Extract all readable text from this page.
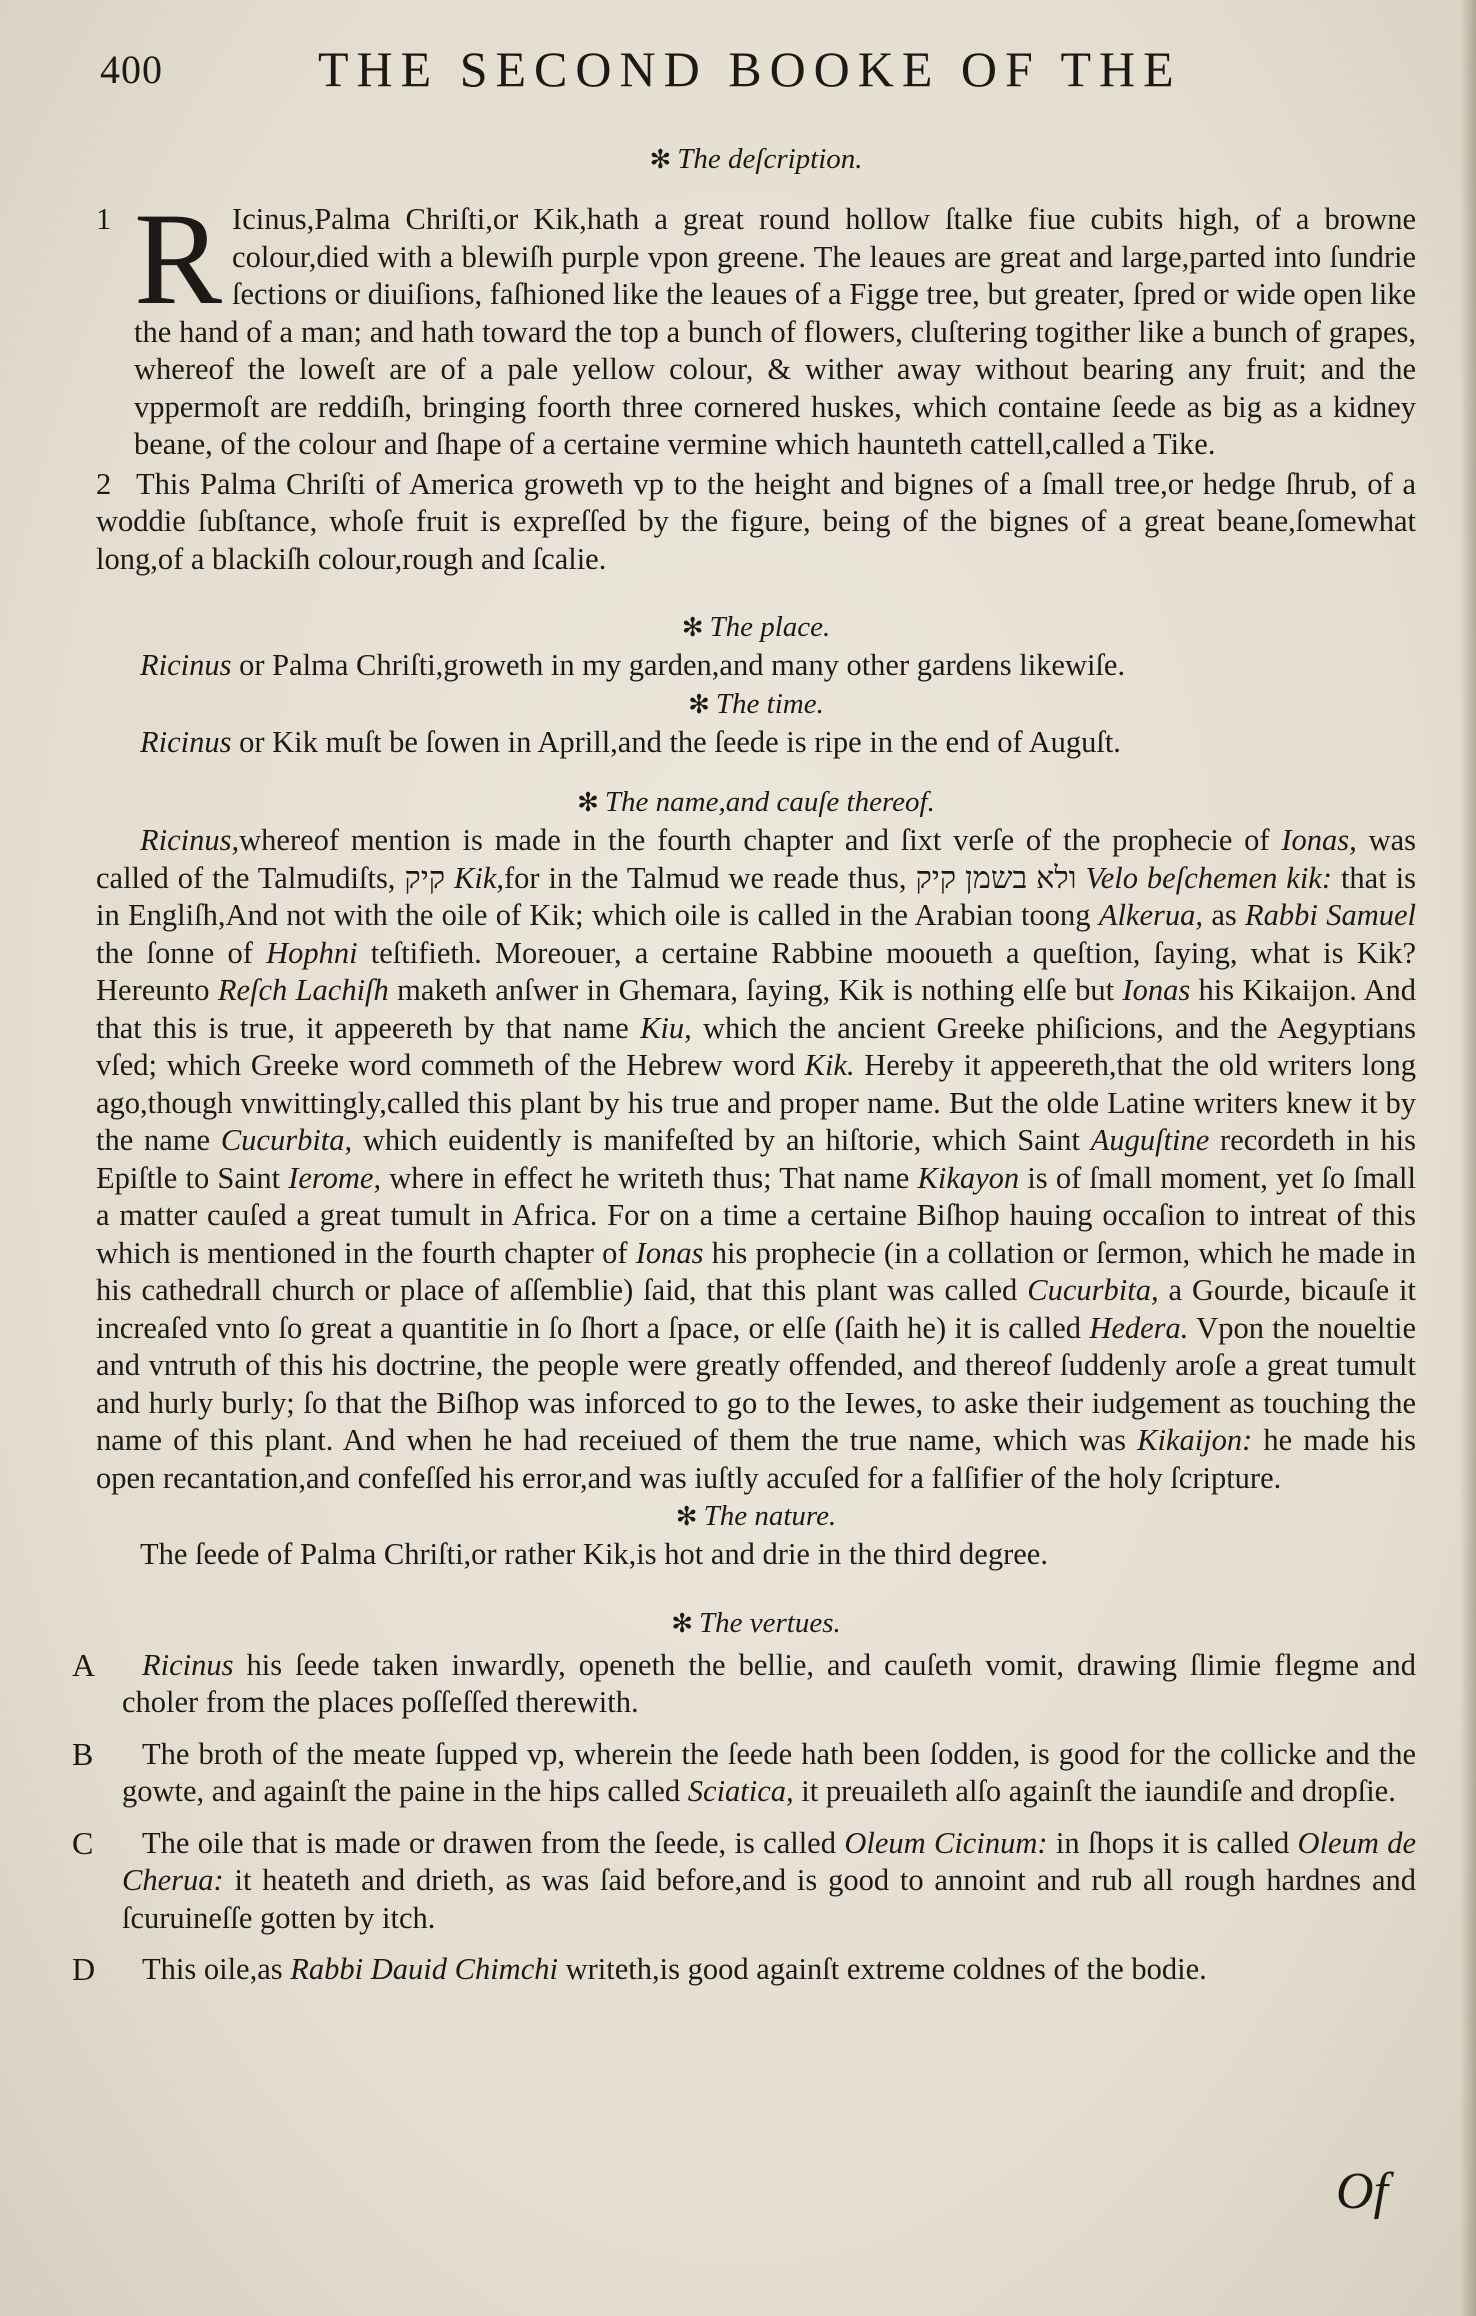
400	THE SECOND BOOKE OF THE

✻ The deſcription.

1 R Icinus,Palma Chriſti,or Kik,hath a great round hollow ſtalke fiue cubits high, of a browne colour,died with a blewiſh purple vpon greene. The leaues are great and large,parted into ſundrie ſections or diuiſions, faſhioned like the leaues of a Figge tree, but greater, ſpred or wide open like the hand of a man; and hath toward the top a bunch of flowers, cluſtering togither like a bunch of grapes, whereof the loweſt are of a pale yellow colour, & wither away without bearing any fruit; and the vppermoſt are reddiſh, bringing foorth three cornered huskes, which containe ſeede as big as a kidney beane, of the colour and ſhape of a certaine vermine which haunteth cattell,called a Tike.

2 This Palma Chriſti of America groweth vp to the height and bignes of a ſmall tree,or hedge ſhrub, of a woddie ſubſtance, whoſe fruit is expreſſed by the figure, being of the bignes of a great beane,ſomewhat long,of a blackiſh colour,rough and ſcalie.

✻ The place.

Ricinus or Palma Chriſti,groweth in my garden,and many other gardens likewiſe.

✻ The time.

Ricinus or Kik muſt be ſowen in Aprill,and the ſeede is ripe in the end of Auguſt.

✻ The name,and cauſe thereof.

Ricinus,whereof mention is made in the fourth chapter and ſixt verſe of the prophecie of Ionas, was called of the Talmudiſts, קיק Kik,for in the Talmud we reade thus, ולא בשמן קיק Velo beſchemen kik: that is in Engliſh,And not with the oile of Kik; which oile is called in the Arabian toong Alkerua, as Rabbi Samuel the ſonne of Hophni teſtifieth. Moreouer, a certaine Rabbine mooueth a queſtion, ſaying, what is Kik? Hereunto Reſch Lachiſh maketh anſwer in Ghemara, ſaying, Kik is nothing elſe but Ionas his Kikaijon. And that this is true, it appeereth by that name Kiu, which the ancient Greeke phiſicions, and the Aegyptians vſed; which Greeke word commeth of the Hebrew word Kik. Hereby it appeereth,that the old writers long ago,though vnwittingly,called this plant by his true and proper name. But the olde Latine writers knew it by the name Cucurbita, which euidently is manifeſted by an hiſtorie, which Saint Auguſtine recordeth in his Epiſtle to Saint Ierome, where in effect he writeth thus; That name Kikayon is of ſmall moment, yet ſo ſmall a matter cauſed a great tumult in Africa. For on a time a certaine Biſhop hauing occaſion to intreat of this which is mentioned in the fourth chapter of Ionas his prophecie (in a collation or ſermon, which he made in his cathedrall church or place of aſſemblie) ſaid, that this plant was called Cucurbita, a Gourde, bicauſe it increaſed vnto ſo great a quantitie in ſo ſhort a ſpace, or elſe (ſaith he) it is called Hedera. Vpon the noueltie and vntruth of this his doctrine, the people were greatly offended, and thereof ſuddenly aroſe a great tumult and hurly burly; ſo that the Biſhop was inforced to go to the Iewes, to aske their iudgement as touching the name of this plant. And when he had receiued of them the true name, which was Kikaijon: he made his open recantation,and confeſſed his error,and was iuſtly accuſed for a falſifier of the holy ſcripture.

✻ The nature.

The ſeede of Palma Chriſti,or rather Kik,is hot and drie in the third degree.

✻ The vertues.

A	Ricinus his ſeede taken inwardly, openeth the bellie, and cauſeth vomit, drawing ſlimie flegme and choler from the places poſſeſſed therewith.
B	The broth of the meate ſupped vp, wherein the ſeede hath been ſodden, is good for the collicke and the gowte, and againſt the paine in the hips called Sciatica, it preuaileth alſo againſt the iaundiſe and dropſie.
C	The oile that is made or drawen from the ſeede, is called Oleum Cicinum: in ſhops it is called Oleum de Cherua: it heateth and drieth, as was ſaid before,and is good to annoint and rub all rough hardnes and ſcuruineſſe gotten by itch.
D	This oile,as Rabbi Dauid Chimchi writeth,is good againſt extreme coldnes of the bodie.
Of
